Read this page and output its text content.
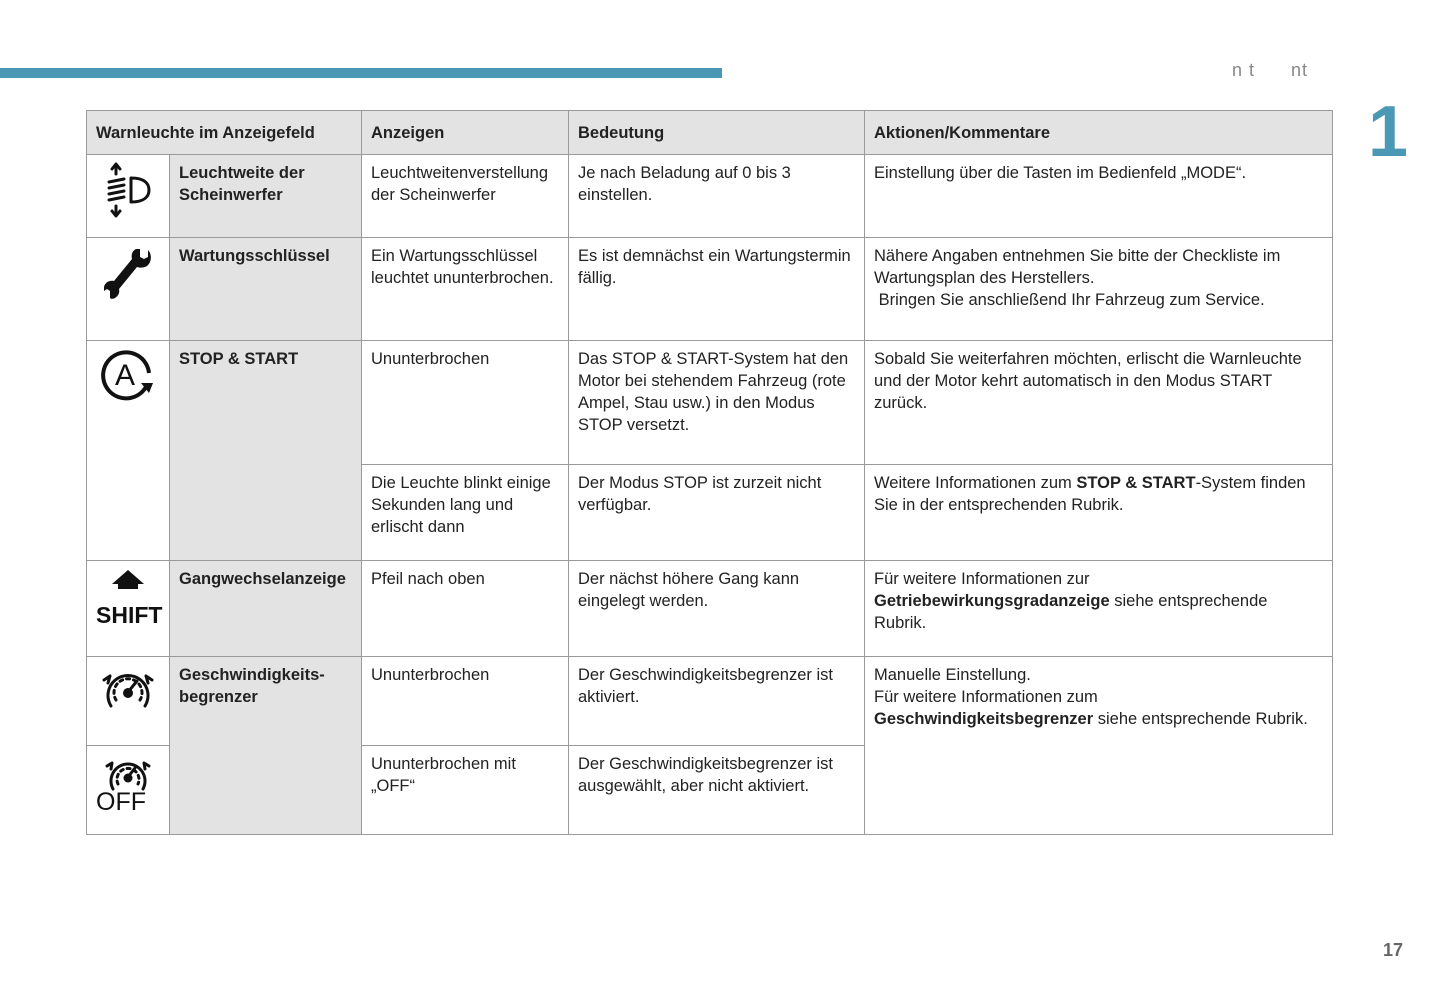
n t      nt
1
17
Warnleuchte im Anzeigefeld		Anzeigen	Bedeutung	Aktionen/Kommentare

	Leuchtweite der Scheinwerfer	Leuchtweitenverstellung der Scheinwerfer	Je nach Beladung auf 0 bis 3 einstellen.	Einstellung über die Tasten im Bedienfeld „MODE“.

	Wartungsschlüssel	Ein Wartungsschlüssel leuchtet ununterbrochen.	Es ist demnächst ein Wartungstermin fällig.	Nähere Angaben entnehmen Sie bitte der Checkliste im Wartungsplan des Herstellers.
Bringen Sie anschließend Ihr Fahrzeug zum Service.

A	STOP & START	Ununterbrochen	Das STOP & START-System hat den Motor bei stehendem Fahrzeug (rote Ampel, Stau usw.) in den Modus STOP versetzt.	Sobald Sie weiterfahren möchten, erlischt die Warnleuchte und der Motor kehrt automatisch in den Modus START zurück.
		Die Leuchte blinkt einige Sekunden lang und erlischt dann	Der Modus STOP ist zurzeit nicht verfügbar.	Weitere Informationen zum STOP & START-System finden Sie in der entsprechenden Rubrik.

SHIFT	Gangwechselanzeige	Pfeil nach oben	Der nächst höhere Gang kann eingelegt werden.	Für weitere Informationen zur Getriebewirkungsgradanzeige siehe entsprechende Rubrik.

	Geschwindigkeits-begrenzer	Ununterbrochen	Der Geschwindigkeitsbegrenzer ist aktiviert.	Manuelle Einstellung.
Für weitere Informationen zum
Geschwindigkeitsbegrenzer siehe entsprechende Rubrik.

OFF		Ununterbrochen mit „OFF“	Der Geschwindigkeitsbegrenzer ist ausgewählt, aber nicht aktiviert.	
